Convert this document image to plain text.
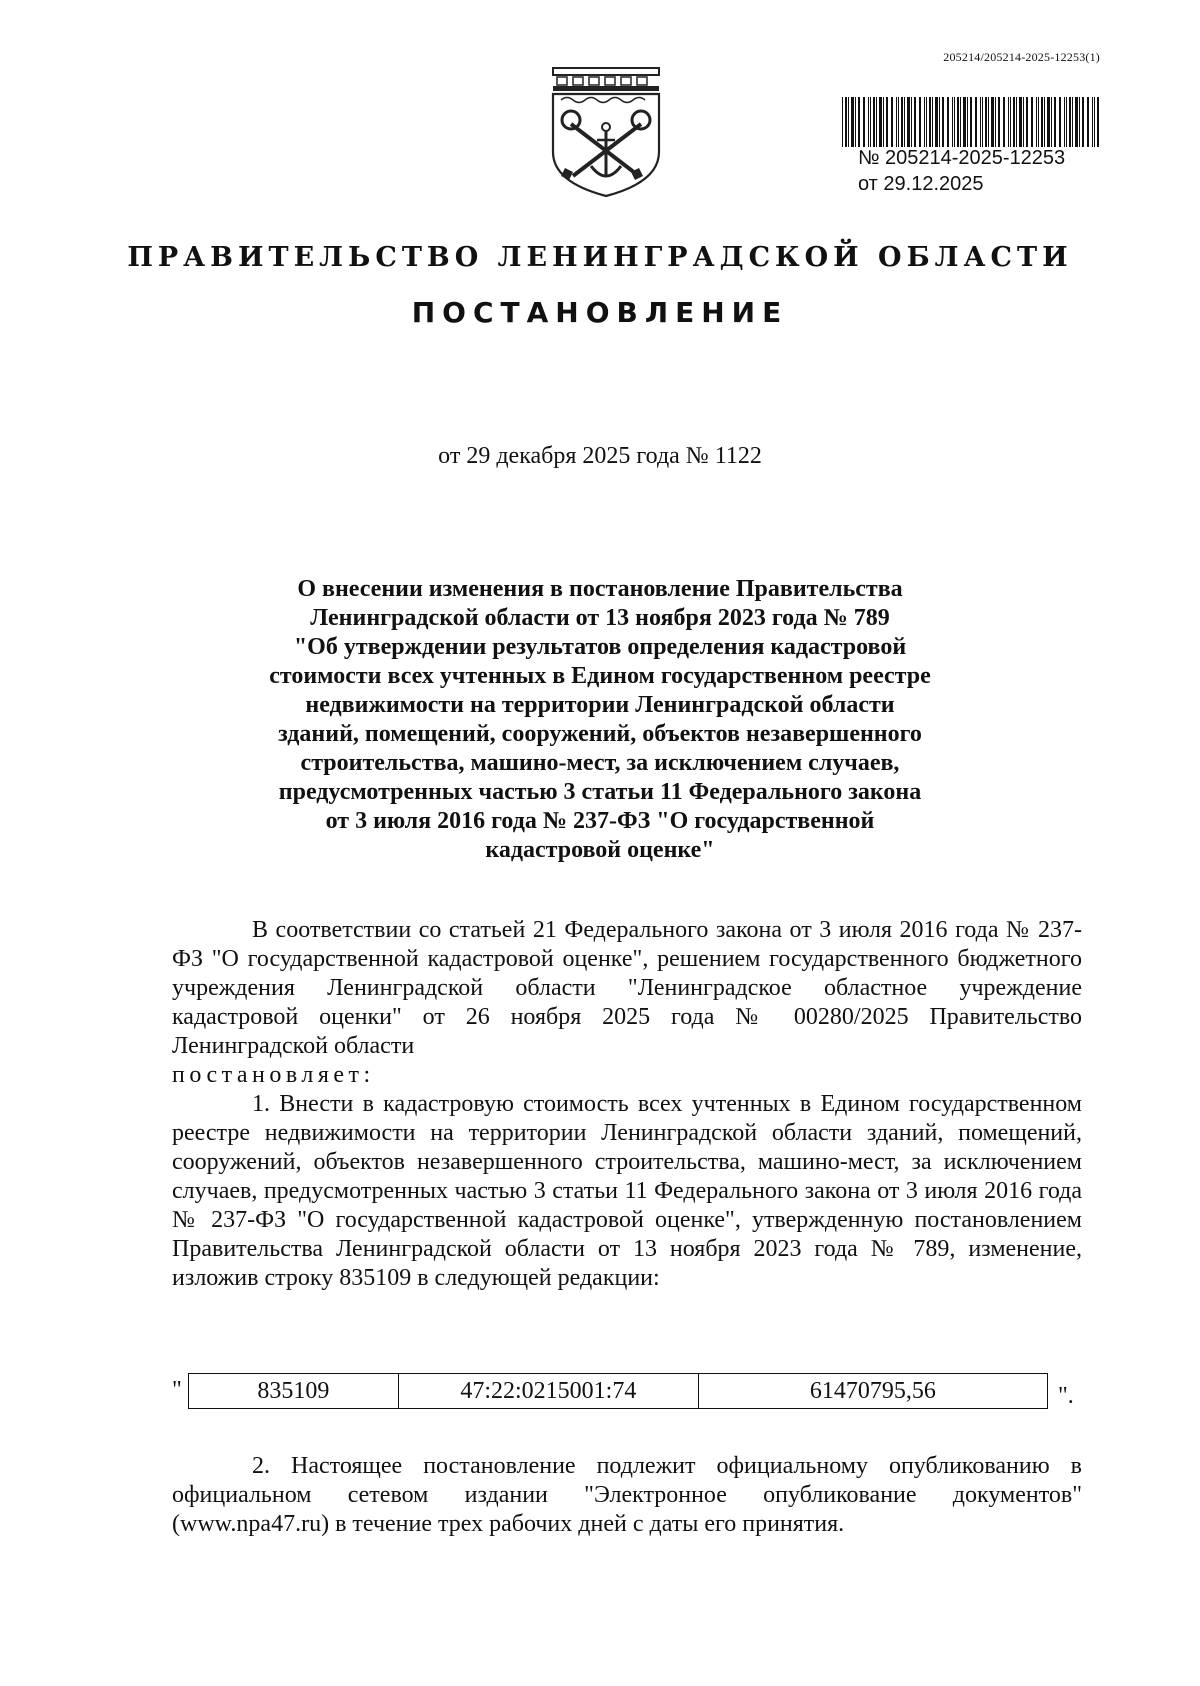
205214/205214-2025-12253(1)
№ 205214-2025-12253
от 29.12.2025
ПРАВИТЕЛЬСТВО ЛЕНИНГРАДСКОЙ ОБЛАСТИ
ПОСТАНОВЛЕНИЕ
от 29 декабря 2025 года № 1122
О внесении изменения в постановление Правительства
Ленинградской области от 13 ноября 2023 года № 789
"Об утверждении результатов определения кадастровой
стоимости всех учтенных в Едином государственном реестре
недвижимости на территории Ленинградской области
зданий, помещений, сооружений, объектов незавершенного
строительства, машино-мест, за исключением случаев,
предусмотренных частью 3 статьи 11 Федерального закона
от 3 июля 2016 года № 237-ФЗ "О государственной
кадастровой оценке"

В соответствии со статьей 21 Федерального закона от 3 июля 2016 года № 237-ФЗ "О государственной кадастровой оценке", решением государственного бюджетного учреждения Ленинградской области "Ленинградское областное учреждение кадастровой оценки" от 26 ноября 2025 года № 00280/2025 Правительство Ленинградской области

постановляет:

1. Внести в кадастровую стоимость всех учтенных в Едином государственном реестре недвижимости на территории Ленинградской области зданий, помещений, сооружений, объектов незавершенного строительства, машино-мест, за исключением случаев, предусмотренных частью 3 статьи 11 Федерального закона от 3 июля 2016 года № 237-ФЗ "О государственной кадастровой оценке", утвержденную постановлением Правительства Ленинградской области от 13 ноября 2023 года № 789, изменение, изложив строку 835109 в следующей редакции:

"	835109	47:22:0215001:74	61470795,56	".

2. Настоящее постановление подлежит официальному опубликованию в официальном сетевом издании "Электронное опубликование документов" (www.npa47.ru) в течение трех рабочих дней с даты его принятия.
